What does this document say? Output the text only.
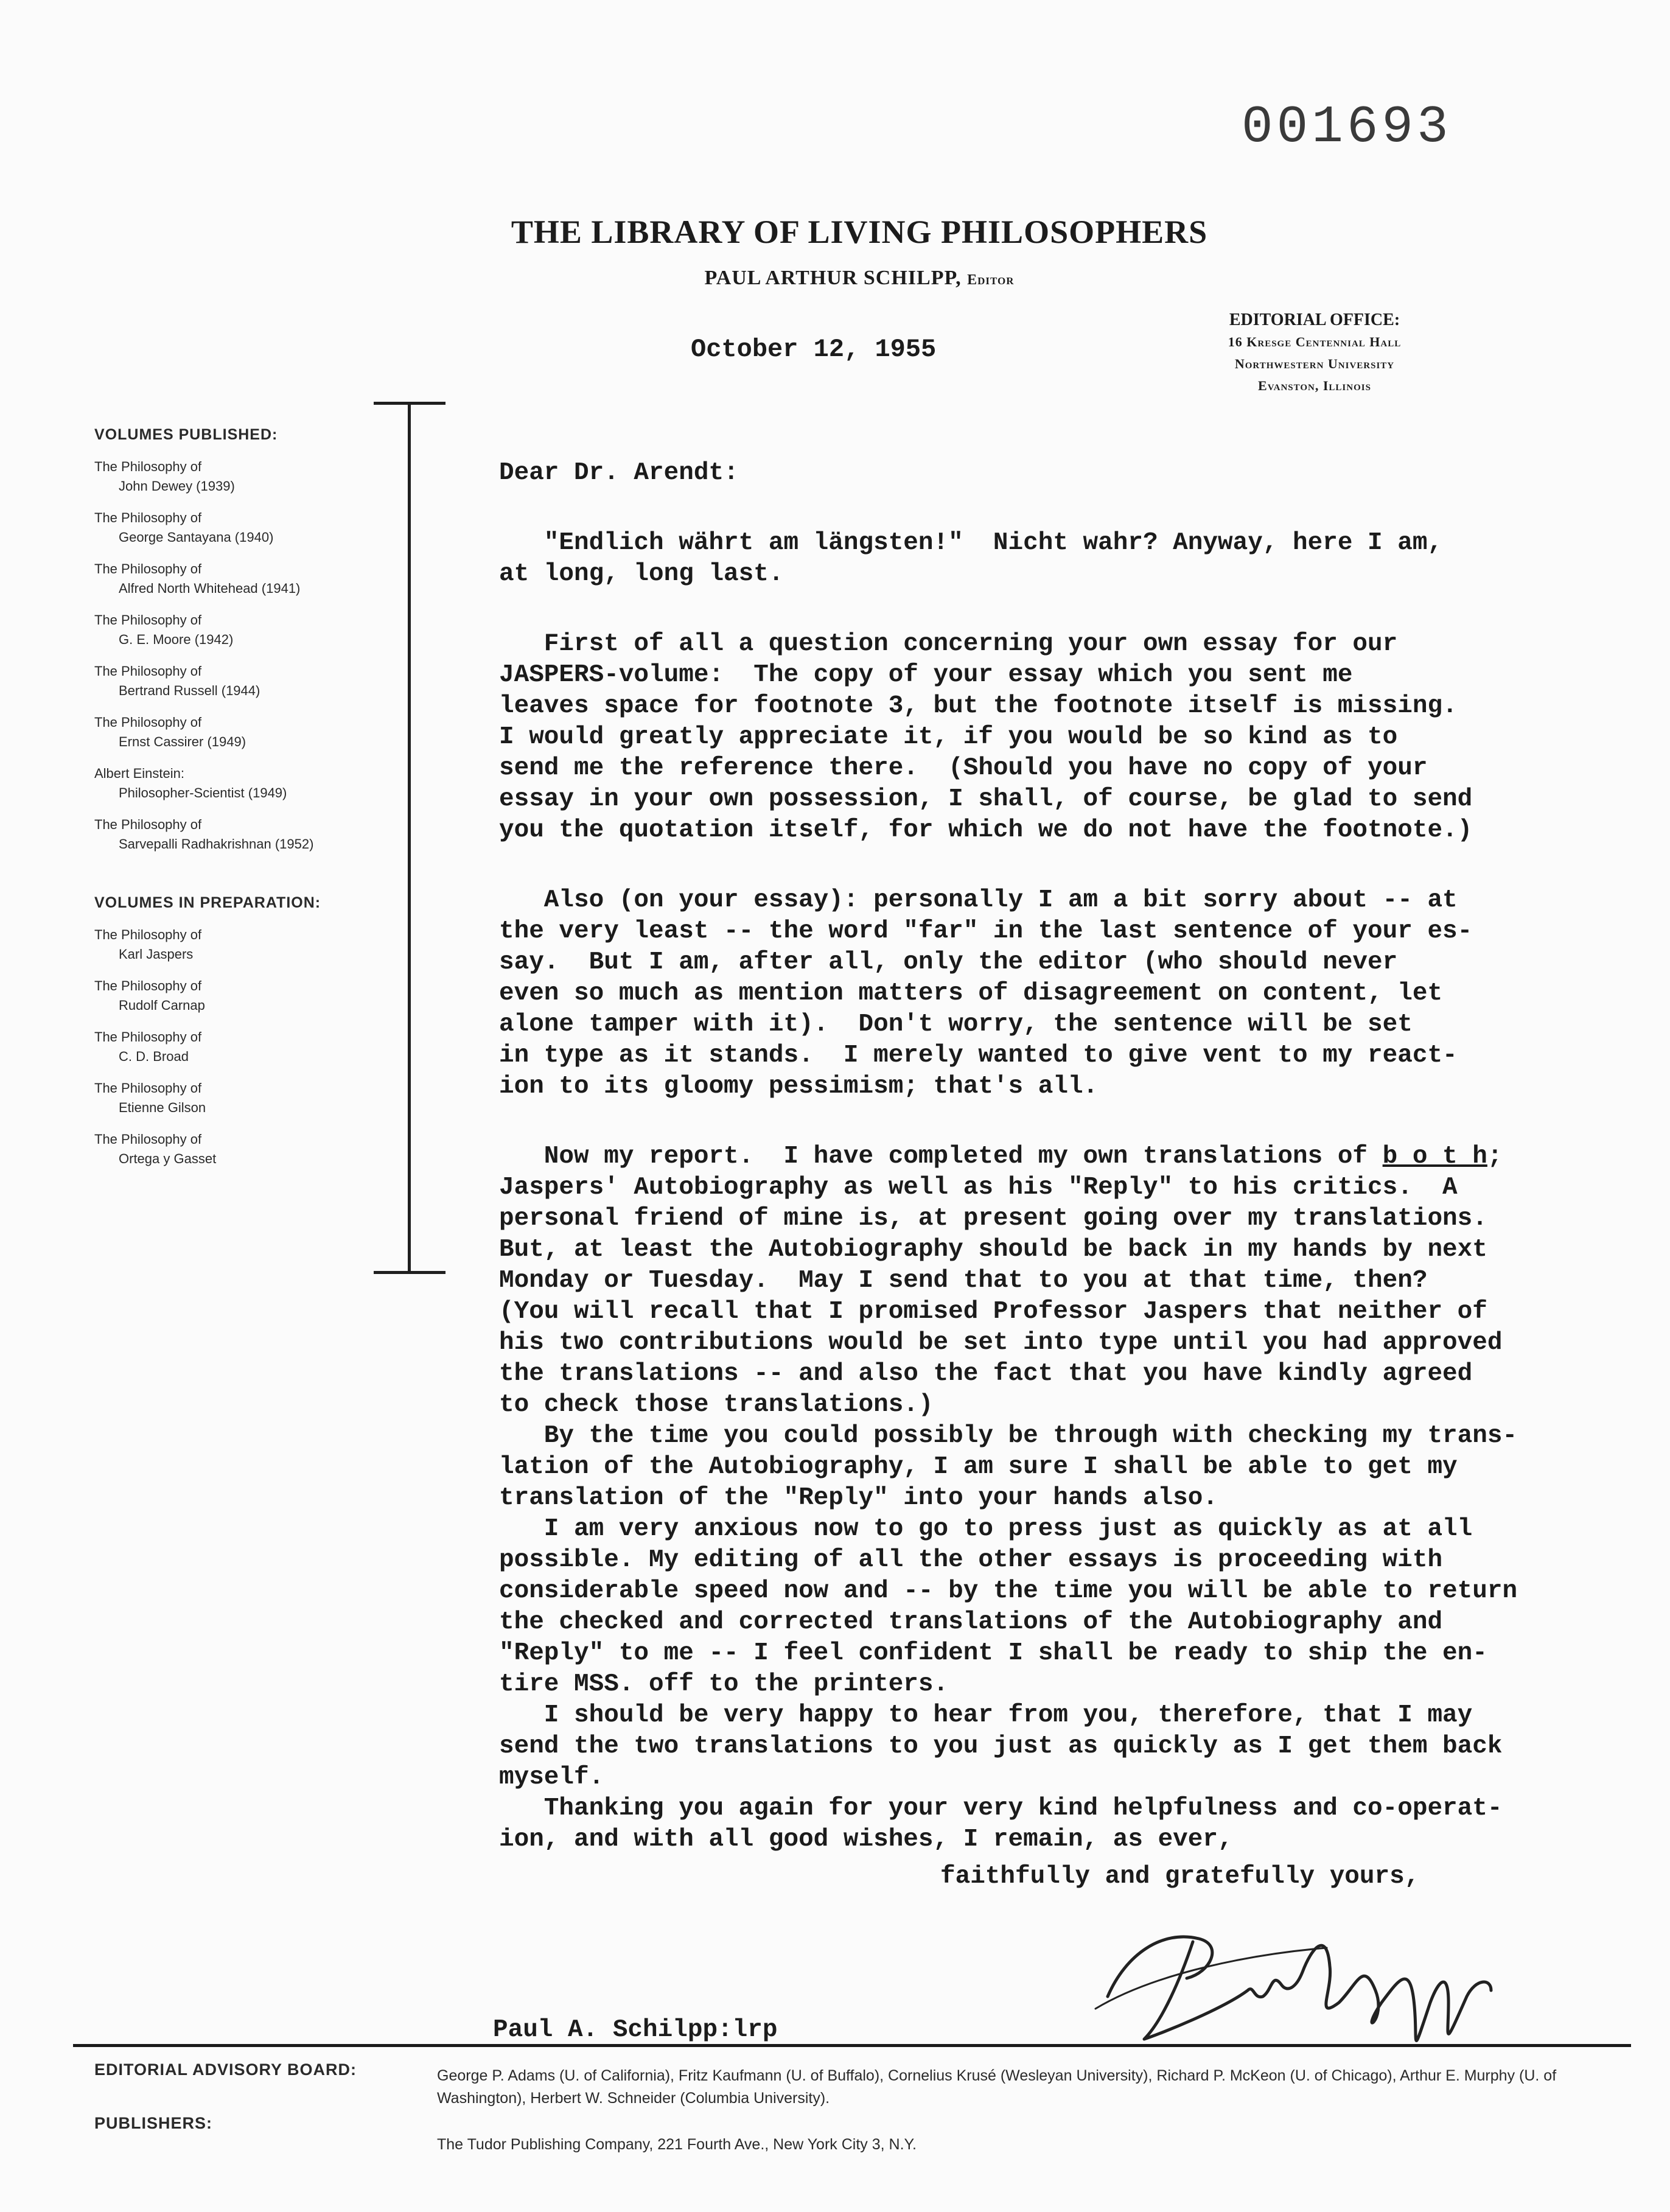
001693
THE LIBRARY OF LIVING PHILOSOPHERS
PAUL ARTHUR SCHILPP, Editor
EDITORIAL OFFICE:
16 Kresge Centennial Hall
Northwestern University
Evanston, Illinois
October 12, 1955
VOLUMES PUBLISHED:
The Philosophy of
John Dewey (1939)
The Philosophy of
George Santayana (1940)
The Philosophy of
Alfred North Whitehead (1941)
The Philosophy of
G. E. Moore (1942)
The Philosophy of
Bertrand Russell (1944)
The Philosophy of
Ernst Cassirer (1949)
Albert Einstein:
Philosopher-Scientist (1949)
The Philosophy of
Sarvepalli Radhakrishnan (1952)
VOLUMES IN PREPARATION:
The Philosophy of
Karl Jaspers
The Philosophy of
Rudolf Carnap
The Philosophy of
C. D. Broad
The Philosophy of
Etienne Gilson
The Philosophy of
Ortega y Gasset

Dear Dr. Arendt:

"Endlich währt am längsten!"  Nicht wahr? Anyway, here I am,

at long, long last.

First of all a question concerning your own essay for our

JASPERS-volume:  The copy of your essay which you sent me

leaves space for footnote 3, but the footnote itself is missing.

I would greatly appreciate it, if you would be so kind as to

send me the reference there.  (Should you have no copy of your

essay in your own possession, I shall, of course, be glad to send

you the quotation itself, for which we do not have the footnote.)

Also (on your essay): personally I am a bit sorry about -- at

the very least -- the word "far" in the last sentence of your es-

say.  But I am, after all, only the editor (who should never

even so much as mention matters of disagreement on content, let

alone tamper with it).  Don't worry, the sentence will be set

in type as it stands.  I merely wanted to give vent to my react-

ion to its gloomy pessimism; that's all.

Now my report.  I have completed my own translations of b o t h;

Jaspers' Autobiography as well as his "Reply" to his critics.  A

personal friend of mine is, at present going over my translations.

But, at least the Autobiography should be back in my hands by next

Monday or Tuesday.  May I send that to you at that time, then?

(You will recall that I promised Professor Jaspers that neither of

his two contributions would be set into type until you had approved

the translations -- and also the fact that you have kindly agreed

to check those translations.)

By the time you could possibly be through with checking my trans-

lation of the Autobiography, I am sure I shall be able to get my

translation of the "Reply" into your hands also.

I am very anxious now to go to press just as quickly as at all

possible. My editing of all the other essays is proceeding with

considerable speed now and -- by the time you will be able to return

the checked and corrected translations of the Autobiography and

"Reply" to me -- I feel confident I shall be ready to ship the en-

tire MSS. off to the printers.

I should be very happy to hear from you, therefore, that I may

send the two translations to you just as quickly as I get them back

myself.

Thanking you again for your very kind helpfulness and co-operat-

ion, and with all good wishes, I remain, as ever,

faithfully and gratefully yours,
Paul A. Schilpp:lrp
EDITORIAL ADVISORY BOARD:	George P. Adams (U. of California), Fritz Kaufmann (U. of Buffalo), Cornelius Krusé (Wesleyan University), Richard P. McKeon (U. of Chicago), Arthur E. Murphy (U. of Washington), Herbert W. Schneider (Columbia University).
PUBLISHERS:
The Tudor Publishing Company, 221 Fourth Ave., New York City 3, N.Y.
